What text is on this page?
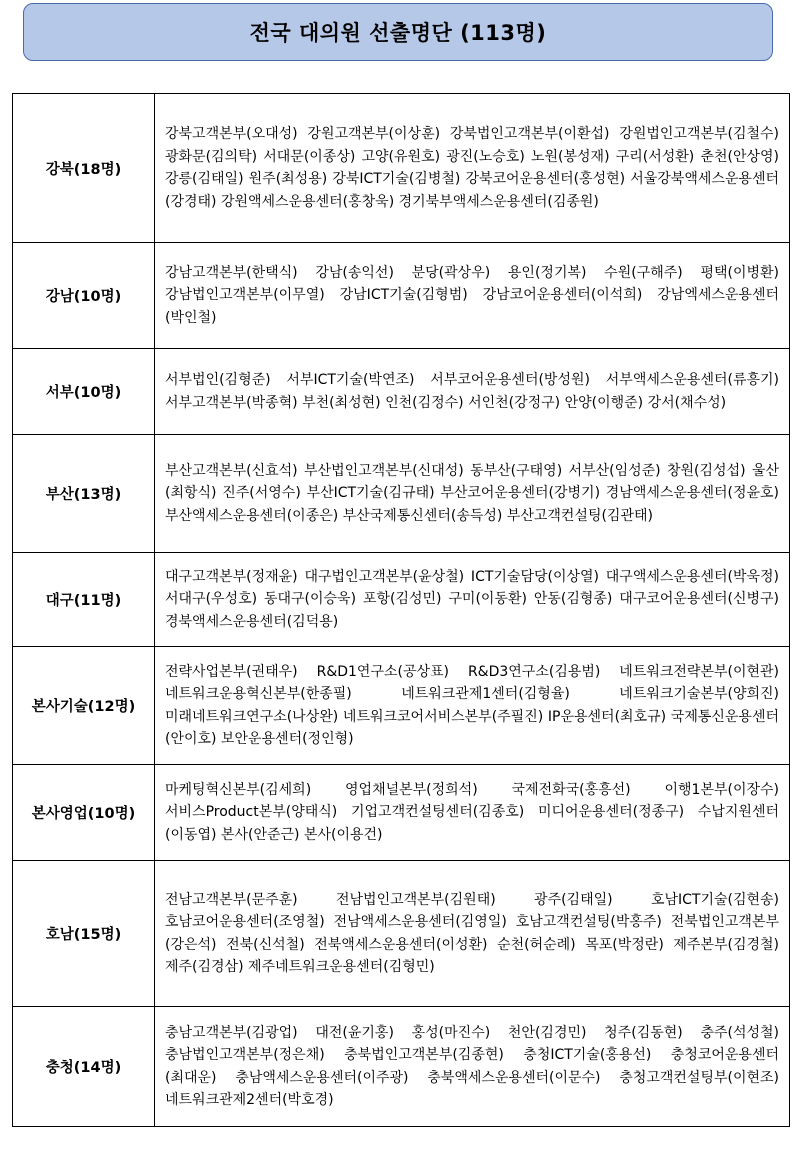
전국 대의원 선출명단 (113명)
강북(18명)	강북고객본부(오대성) 강원고객본부(이상훈) 강북법인고객본부(이환섭) 강원법인고객본부(김철수) 광화문(김의탁) 서대문(이종상) 고양(유원호) 광진(노승호) 노원(봉성재) 구리(서성환) 춘천(안상영) 강릉(김태일) 원주(최성용) 강북ICT기술(김병철) 강북코어운용센터(홍성현) 서울강북액세스운용센터(강경태) 강원액세스운용센터(홍창욱) 경기북부액세스운용센터(김종원)
강남(10명)	강남고객본부(한택식) 강남(송익선) 분당(곽상우) 용인(정기복) 수원(구해주) 평택(이병환) 강남법인고객본부(이무열) 강남ICT기술(김형범) 강남코어운용센터(이석희) 강남엑세스운용센터(박인철)
서부(10명)	서부법인(김형준) 서부ICT기술(박연조) 서부코어운용센터(방성원) 서부액세스운용센터(류흥기) 서부고객본부(박종혁) 부천(최성현) 인천(김정수) 서인천(강정구) 안양(이행준) 강서(채수성)
부산(13명)	부산고객본부(신효석) 부산법인고객본부(신대성) 동부산(구태영) 서부산(임성준) 창원(김성섭) 울산(최항식) 진주(서영수) 부산ICT기술(김규태) 부산코어운용센터(강병기) 경남액세스운용센터(정윤호) 부산액세스운용센터(이종은) 부산국제통신센터(송득성) 부산고객컨설팅(김관태)
대구(11명)	대구고객본부(정재윤) 대구법인고객본부(윤상철) ICT기술담당(이상열) 대구액세스운용센터(박욱정) 서대구(우성호) 동대구(이승욱) 포항(김성민) 구미(이동환) 안동(김형종) 대구코어운용센터(신병구) 경북액세스운용센터(김덕용)
본사기술(12명)	전략사업본부(권태우) R&D1연구소(공상표) R&D3연구소(김용범) 네트워크전략본부(이현관) 네트워크운용혁신본부(한종필) 네트워크관제1센터(김형율) 네트워크기술본부(양희진) 미래네트워크연구소(나상완) 네트워크코어서비스본부(주필진) IP운용센터(최호규) 국제통신운용센터(안이호) 보안운용센터(정인형)
본사영업(10명)	마케팅혁신본부(김세희) 영업채널본부(정희석) 국제전화국(홍흥선) 이행1본부(이장수) 서비스Product본부(양태식) 기업고객컨설팅센터(김종호) 미디어운용센터(정종구) 수납지원센터(이동엽) 본사(안준근) 본사(이용건)
호남(15명)	전남고객본부(문주훈) 전남법인고객본부(김원태) 광주(김태일) 호남ICT기술(김현송) 호남코어운용센터(조영철) 전남액세스운용센터(김영일) 호남고객컨설팅(박홍주) 전북법인고객본부(강은석) 전북(신석철) 전북액세스운용센터(이성환) 순천(허순례) 목포(박정란) 제주본부(김경철) 제주(김경삼) 제주네트워크운용센터(김형민)
충청(14명)	충남고객본부(김광업) 대전(윤기홍) 홍성(마진수) 천안(김경민) 청주(김동현) 충주(석성철) 충남법인고객본부(정은채) 충북법인고객본부(김종현) 충청ICT기술(홍용선) 충청코어운용센터(최대운) 충남액세스운용센터(이주광) 충북액세스운용센터(이문수) 충청고객컨설팅부(이현조) 네트워크관제2센터(박호경)
